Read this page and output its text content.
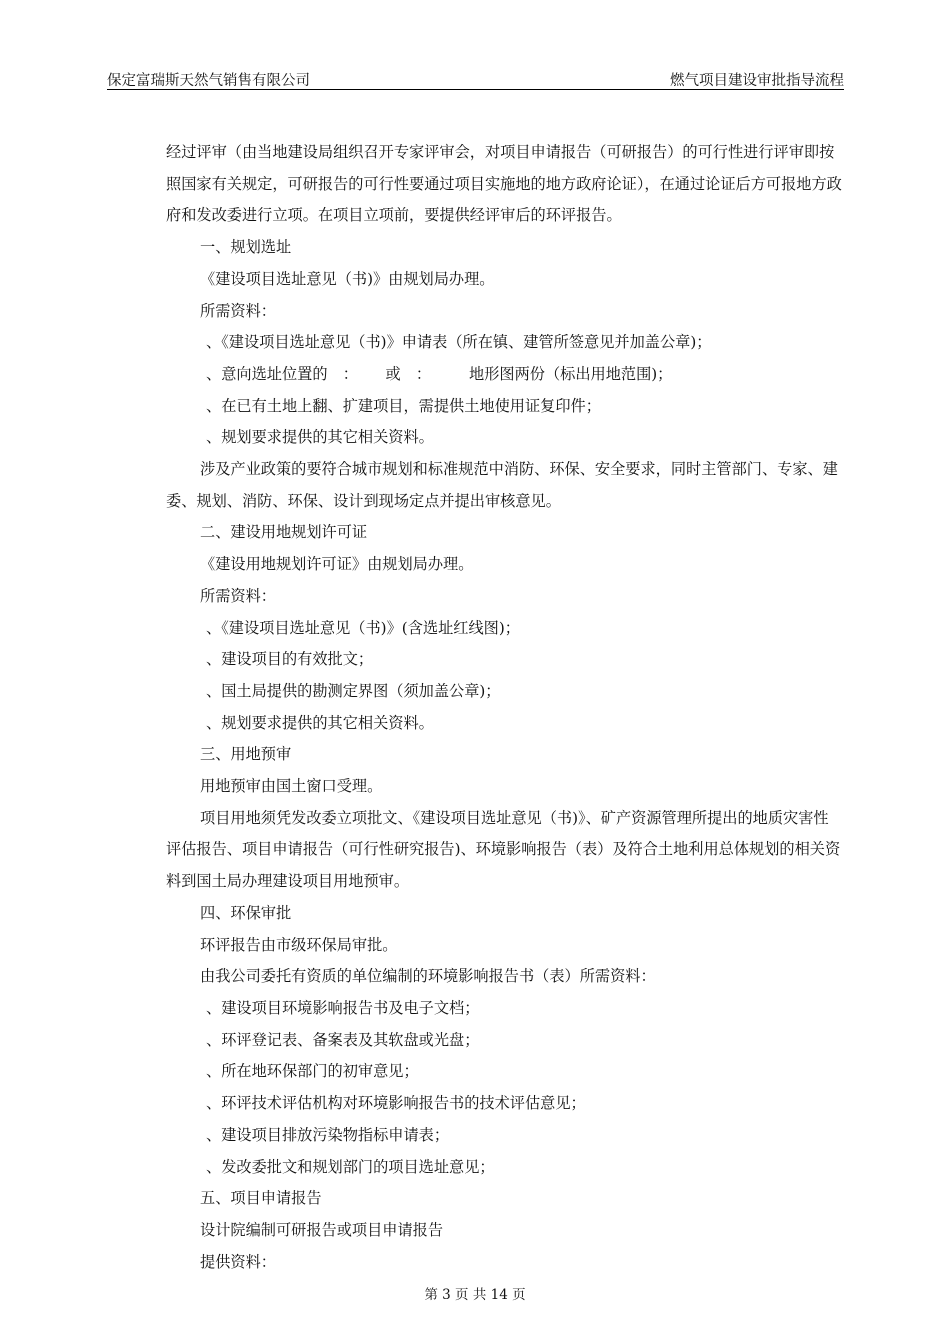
保定富瑞斯天然气销售有限公司	燃气项目建设审批指导流程

经过评审（由当地建设局组织召开专家评审会，对项目申请报告（可研报告）的可行性进行评审即按照国家有关规定，可研报告的可行性要通过项目实施地的地方政府论证），在通过论证后方可报地方政府和发改委进行立项。在项目立项前，要提供经评审后的环评报告。

一、规划选址

《建设项目选址意见（书)》由规划局办理。

所需资料：

、《建设项目选址意见（书)》申请表（所在镇、建管所签意见并加盖公章)；

、意向选址位置的　：　　 或　：　　　地形图两份（标出用地范围)；

、在已有土地上翻、扩建项目，需提供土地使用证复印件；

、规划要求提供的其它相关资料。

涉及产业政策的要符合城市规划和标准规范中消防、环保、安全要求，同时主管部门、专家、建委、规划、消防、环保、设计到现场定点并提出审核意见。

二、建设用地规划许可证

《建设用地规划许可证》由规划局办理。

所需资料：

、《建设项目选址意见（书)》(含选址红线图)；

、建设项目的有效批文；

、国土局提供的勘测定界图（须加盖公章)；

、规划要求提供的其它相关资料。

三、用地预审

用地预审由国土窗口受理。

项目用地须凭发改委立项批文、《建设项目选址意见（书)》、矿产资源管理所提出的地质灾害性评估报告、项目申请报告（可行性研究报告)、环境影响报告（表）及符合土地利用总体规划的相关资料到国土局办理建设项目用地预审。

四、环保审批

环评报告由市级环保局审批。

由我公司委托有资质的单位编制的环境影响报告书（表）所需资料：

、建设项目环境影响报告书及电子文档；

、环评登记表、备案表及其软盘或光盘；

、所在地环保部门的初审意见；

、环评技术评估机构对环境影响报告书的技术评估意见；

、建设项目排放污染物指标申请表；

、发改委批文和规划部门的项目选址意见；

五、项目申请报告

设计院编制可研报告或项目申请报告

提供资料：

第 3 页 共 14 页
